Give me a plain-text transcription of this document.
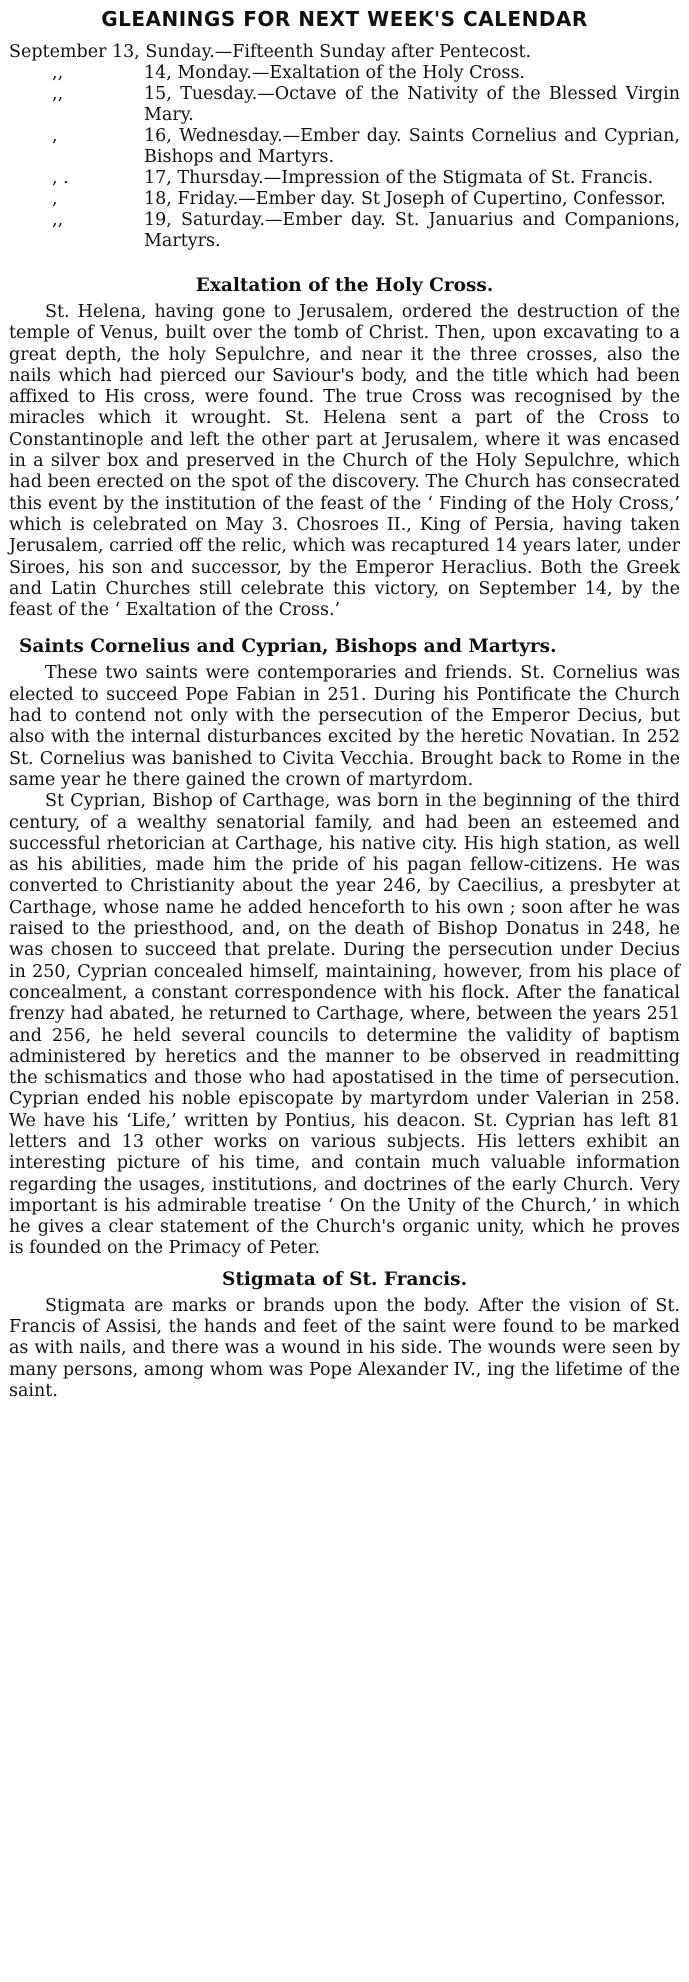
GLEANINGS FOR NEXT WEEK'S CALENDAR
September 13, Sunday.—Fifteenth Sunday after Pentecost.
,,	14, Monday.—Exaltation of the Holy Cross.
,,	15, Tuesday.—Octave of the Nativity of the Blessed Virgin Mary.
,	16, Wednesday.—Ember day. Saints Cornelius and Cyprian, Bishops and Martyrs.
, .	17, Thursday.—Impression of the Stigmata of St. Francis.
,	18, Friday.—Ember day. St Joseph of Cupertino, Confessor.
,,	19, Saturday.—Ember day. St. Januarius and Companions, Martyrs.
Exaltation of the Holy Cross.

St. Helena, having gone to Jerusalem, ordered the destruction of the temple of Venus, built over the tomb of Christ. Then, upon excavating to a great depth, the holy Sepulchre, and near it the three crosses, also the nails which had pierced our Saviour's body, and the title which had been affixed to His cross, were found. The true Cross was recognised by the miracles which it wrought. St. Helena sent a part of the Cross to Constantinople and left the other part at Jerusalem, where it was encased in a silver box and preserved in the Church of the Holy Sepulchre, which had been erected on the spot of the discovery. The Church has consecrated this event by the institution of the feast of the ‘ Finding of the Holy Cross,’ which is celebrated on May 3. Chosroes II., King of Persia, having taken Jerusalem, carried off the relic, which was recaptured 14 years later, under Siroes, his son and successor, by the Emperor Heraclius. Both the Greek and Latin Churches still celebrate this victory, on September 14, by the feast of the ‘ Exaltation of the Cross.’

Saints Cornelius and Cyprian, Bishops and Martyrs.

These two saints were contemporaries and friends. St. Cornelius was elected to succeed Pope Fabian in 251. During his Pontificate the Church had to contend not only with the persecution of the Emperor Decius, but also with the internal disturbances excited by the heretic Novatian. In 252 St. Cornelius was banished to Civita Vecchia. Brought back to Rome in the same year he there gained the crown of martyrdom.

St Cyprian, Bishop of Carthage, was born in the beginning of the third century, of a wealthy senatorial family, and had been an esteemed and successful rhetorician at Carthage, his native city. His high station, as well as his abilities, made him the pride of his pagan fellow-citizens. He was converted to Christianity about the year 246, by Caecilius, a presbyter at Carthage, whose name he added henceforth to his own ; soon after he was raised to the priesthood, and, on the death of Bishop Donatus in 248, he was chosen to succeed that prelate. During the persecution under Decius in 250, Cyprian concealed himself, maintaining, however, from his place of concealment, a constant correspondence with his flock. After the fanatical frenzy had abated, he returned to Carthage, where, between the years 251 and 256, he held several councils to determine the validity of baptism administered by heretics and the manner to be observed in readmitting the schismatics and those who had apostatised in the time of persecution. Cyprian ended his noble episcopate by martyrdom under Valerian in 258. We have his ‘Life,’ written by Pontius, his deacon. St. Cyprian has left 81 letters and 13 other works on various subjects. His letters exhibit an interesting picture of his time, and contain much valuable information regarding the usages, institutions, and doctrines of the early Church. Very important is his admirable treatise ‘ On the Unity of the Church,’ in which he gives a clear statement of the Church's organic unity, which he proves is founded on the Primacy of Peter.

Stigmata of St. Francis.

Stigmata are marks or brands upon the body. After the vision of St. Francis of Assisi, the hands and feet of the saint were found to be marked as with nails, and there was a wound in his side. The wounds were seen by many persons, among whom was Pope Alexander IV., ing the lifetime of the saint.
